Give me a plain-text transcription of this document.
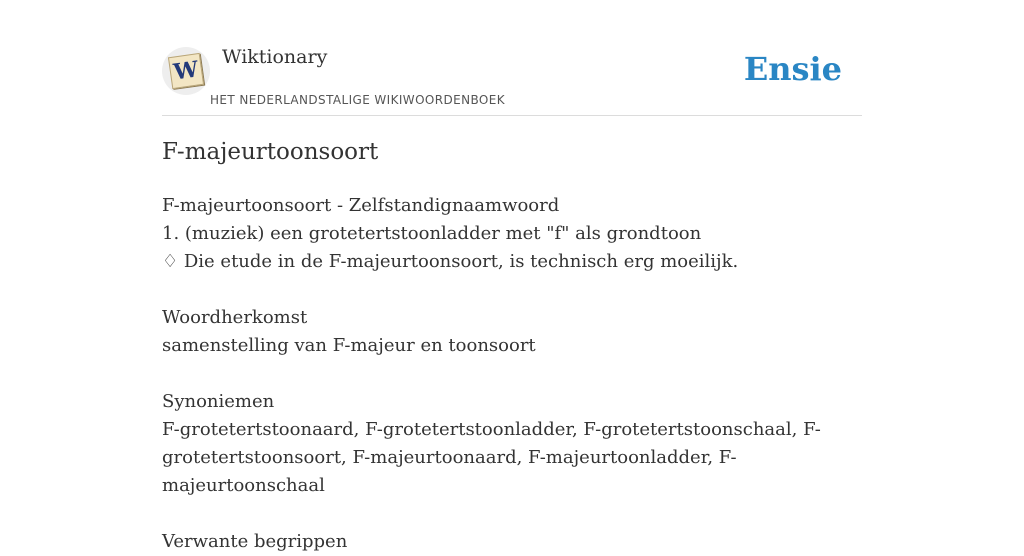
W Wiktionary
HET NEDERLANDSTALIGE WIKIWOORDENBOEK
Ensie
F-majeurtoonsoort
F-majeurtoonsoort - Zelfstandignaamwoord
1. (muziek) een grotetertstoonladder met "f" als grondtoon
♢ Die etude in de F-majeurtoonsoort, is technisch erg moeilijk.
Woordherkomst
samenstelling van F-majeur en toonsoort
Synoniemen
F-grotetertstoonaard, F-grotetertstoonladder, F-grotetertstoonschaal, F-
grotetertstoonsoort, F-majeurtoonaard, F-majeurtoonladder, F-majeurtoonschaal
Verwante begrippen
